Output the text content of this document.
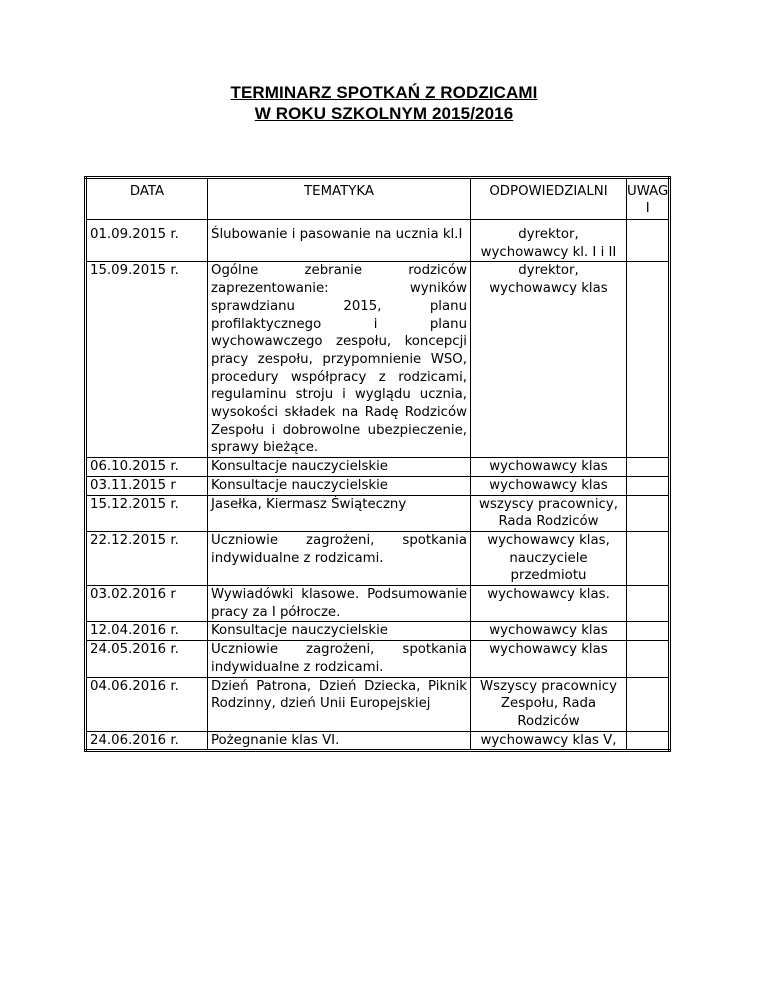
TERMINARZ SPOTKAŃ Z RODZICAMI
W ROKU SZKOLNYM 2015/2016
DATA	TEMATYKA	ODPOWIEDZIALNI	UWAG I
01.09.2015 r.	Ślubowanie i pasowanie na ucznia kl.I	dyrektor, wychowawcy kl. I i II	
15.09.2015 r.	Ogólne zebranie rodziców zaprezentowanie: wyników sprawdzianu 2015, planu profilaktycznego i planu wychowawczego zespołu, koncepcji pracy zespołu, przypomnienie WSO, procedury współpracy z rodzicami, regulaminu stroju i wyglądu ucznia, wysokości składek na Radę Rodziców Zespołu i dobrowolne ubezpieczenie, sprawy bieżące.	dyrektor, wychowawcy klas	
06.10.2015 r.	Konsultacje nauczycielskie	wychowawcy klas	
03.11.2015 r	Konsultacje nauczycielskie	wychowawcy klas	
15.12.2015 r.	Jasełka, Kiermasz Świąteczny	wszyscy pracownicy, Rada Rodziców	
22.12.2015 r.	Uczniowie zagrożeni, spotkania indywidualne z rodzicami.	wychowawcy klas, nauczyciele przedmiotu	
03.02.2016 r	Wywiadówki klasowe. Podsumowanie pracy za I półrocze.	wychowawcy klas.	
12.04.2016 r.	Konsultacje nauczycielskie	wychowawcy klas	
24.05.2016 r.	Uczniowie zagrożeni, spotkania indywidualne z rodzicami.	wychowawcy klas	
04.06.2016 r.	Dzień Patrona, Dzień Dziecka, Piknik Rodzinny, dzień Unii Europejskiej	Wszyscy pracownicy Zespołu, Rada Rodziców	
24.06.2016 r.	Pożegnanie klas VI.	wychowawcy klas V,	
